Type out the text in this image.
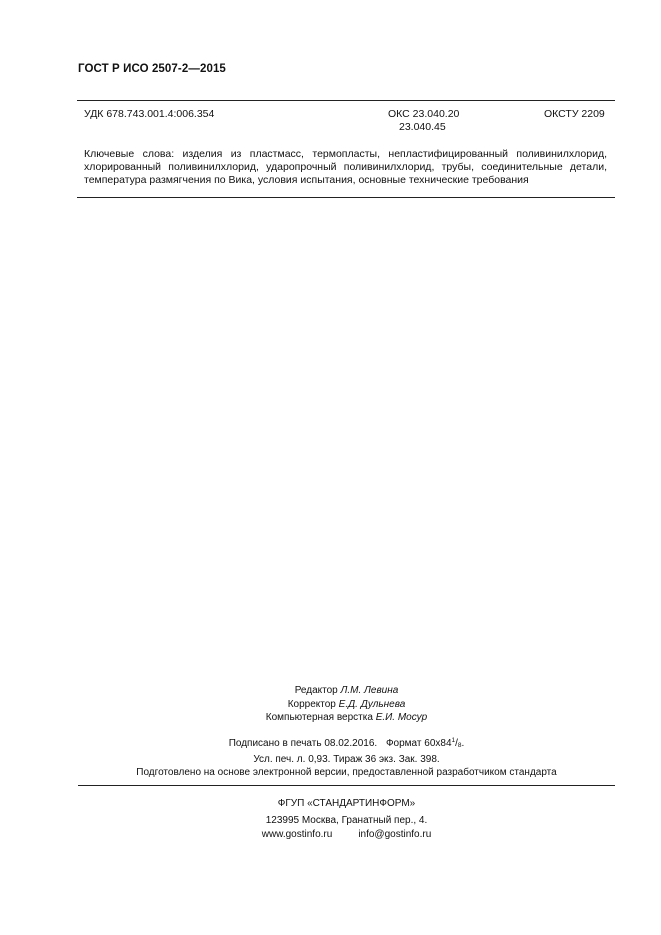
ГОСТ Р ИСО 2507-2—2015
УДК 678.743.001.4:006.354	ОКС 23.040.20
23.040.45
ОКСТУ 2209
Ключевые слова: изделия из пластмасс, термопласты, непластифицированный поливинилхлорид, хлорированный поливинилхлорид, ударопрочный поливинилхлорид, трубы, соединительные детали, температура размягчения по Вика, условия испытания, основные технические требования
Редактор Л.М. Левина
Корректор Е.Д. Дульнева
Компьютерная верстка Е.И. Мосур
Подписано в печать 08.02.2016. Формат $60х84^1/_8$.
Усл. печ. л. 0,93. Тираж 36 экз. Зак. 398.
Подготовлено на основе электронной версии, предоставленной разработчиком стандарта
ФГУП «СТАНДАРТИНФОРМ»
123995 Москва, Гранатный пер., 4.
www.gostinfo.ru	info@gostinfo.ru
